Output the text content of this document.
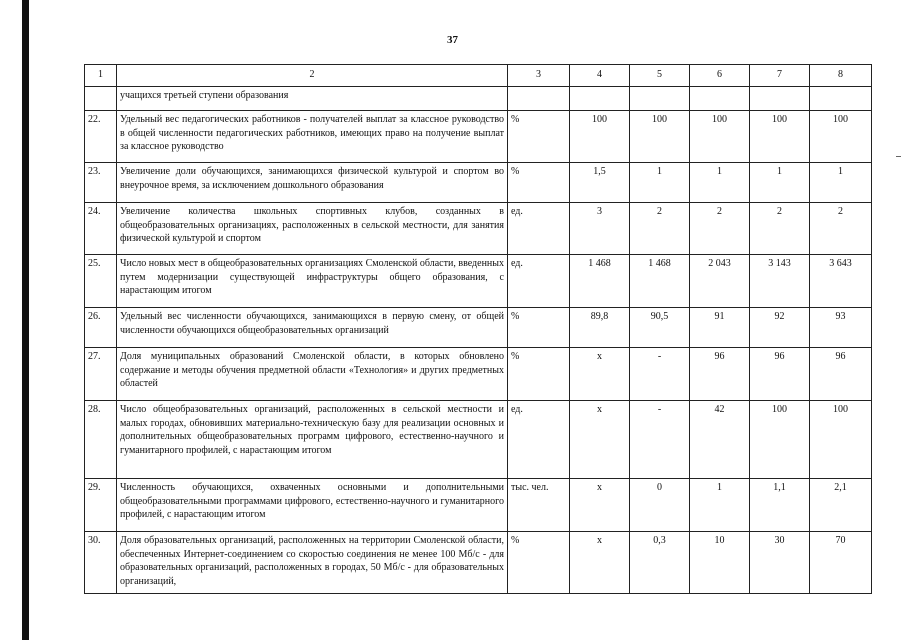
37
1	2	3	4	5	6	7	8
	учащихся третьей ступени образования						
22.	Удельный вес педагогических работников - получателей выплат за классное руководство в общей численности педагогических работников, имеющих право на получение выплат за классное руководство	%	100	100	100	100	100
23.	Увеличение доли обучающихся, занимающихся физической культурой и спортом во внеурочное время, за исключением дошкольного образования	%	1,5	1	1	1	1
24.	Увеличение количества школьных спортивных клубов, созданных в общеобразовательных организациях, расположенных в сельской местности, для занятия физической культурой и спортом	ед.	3	2	2	2	2
25.	Число новых мест в общеобразовательных организациях Смоленской области, введенных путем модернизации существующей инфраструктуры общего образования, с нарастающим итогом	ед.	1 468	1 468	2 043	3 143	3 643
26.	Удельный вес численности обучающихся, занимающихся в первую смену, от общей численности обучающихся общеобразовательных организаций	%	89,8	90,5	91	92	93
27.	Доля муниципальных образований Смоленской области, в которых обновлено содержание и методы обучения предметной области «Технология» и других предметных областей	%	х	-	96	96	96
28.	Число общеобразовательных организаций, расположенных в сельской местности и малых городах, обновивших материально-техническую базу для реализации основных и дополнительных общеобразовательных программ цифрового, естественно-научного и гуманитарного профилей, с нарастающим итогом	ед.	х	-	42	100	100
29.	Численность обучающихся, охваченных основными и дополнительными общеобразовательными программами цифрового, естественно-научного и гуманитарного профилей, с нарастающим итогом	тыс. чел.	х	0	1	1,1	2,1
30.	Доля образовательных организаций, расположенных на территории Смоленской области, обеспеченных Интернет-соединением со скоростью соединения не менее 100 Мб/с - для образовательных организаций, расположенных в городах, 50 Мб/с - для образовательных организаций,	%	х	0,3	10	30	70
